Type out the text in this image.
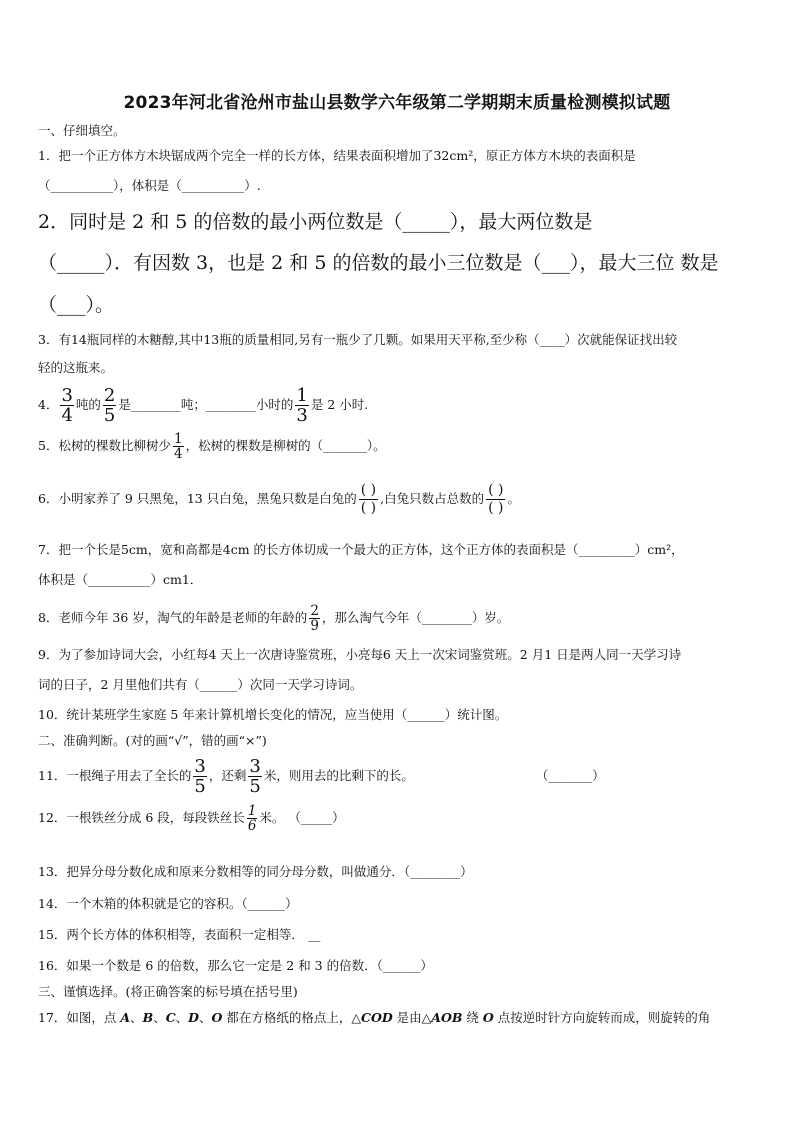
2023年河北省沧州市盐山县数学六年级第二学期期末质量检测模拟试题
一、仔细填空。
1．把一个正方体方木块锯成两个完全一样的长方体，结果表面积增加了32cm²，原正方体方木块的表面积是
（__________），体积是（__________）.
2．同时是 2 和 5 的倍数的最小两位数是（_____），最大两位数是
（_____）．有因数 3，也是 2 和 5 的倍数的最小三位数是（___），最大三位 数是
（___）。
3．有14瓶同样的木糖醇,其中13瓶的质量相同,另有一瓶少了几颗。如果用天平称,至少称（____）次就能保证找出较
轻的这瓶来。
4． $\frac{3}{4}$ 吨的 $\frac{2}{5}$ 是________吨；________小时的 $\frac{1}{3}$ 是 2 小时.
5．松树的棵数比柳树少 $\frac{1}{4}$ ，松树的棵数是柳树的（_______）。
6．小明家养了 9 只黑兔，13 只白兔，黑兔只数是白兔的
( )
( )
,白兔只数占总数的
( )
( )
。
7．把一个长是5cm，宽和高都是4cm 的长方体切成一个最大的正方体，这个正方体的表面积是（_________）cm²，
体积是（__________）cm1．
8．老师今年 36 岁，淘气的年龄是老师的年龄的 $\frac{2}{9}$ ，那么淘气今年（________）岁。
9．为了参加诗词大会，小红每4 天上一次唐诗鉴赏班，小亮每6 天上一次宋词鉴赏班。2 月1 日是两人同一天学习诗
词的日子，2 月里他们共有（______）次同一天学习诗词。
10．统计某班学生家庭 5 年来计算机增长变化的情况，应当使用（______）统计图。
二、准确判断。(对的画“√”，错的画“×”)
11．一根绳子用去了全长的 $\frac{3}{5}$ ，还剩 $\frac{3}{5}$ 米，则用去的比剩下的长。	（_______）
12．一根铁丝分成 6 段，每段铁丝长 $\frac{1}{6}$ 米。 （_____）
13．把异分母分数化成和原来分数相等的同分母分数，叫做通分．（________）
14．一个木箱的体积就是它的容积。（______）
15．两个长方体的体积相等，表面积一定相等． __
16．如果一个数是 6 的倍数，那么它一定是 2 和 3 的倍数．（______）
三、谨慎选择。(将正确答案的标号填在括号里)
17．如图，点 A、B、C、D、O 都在方格纸的格点上，△COD 是由△AOB 绕 O 点按逆时针方向旋转而成，则旋转的角
